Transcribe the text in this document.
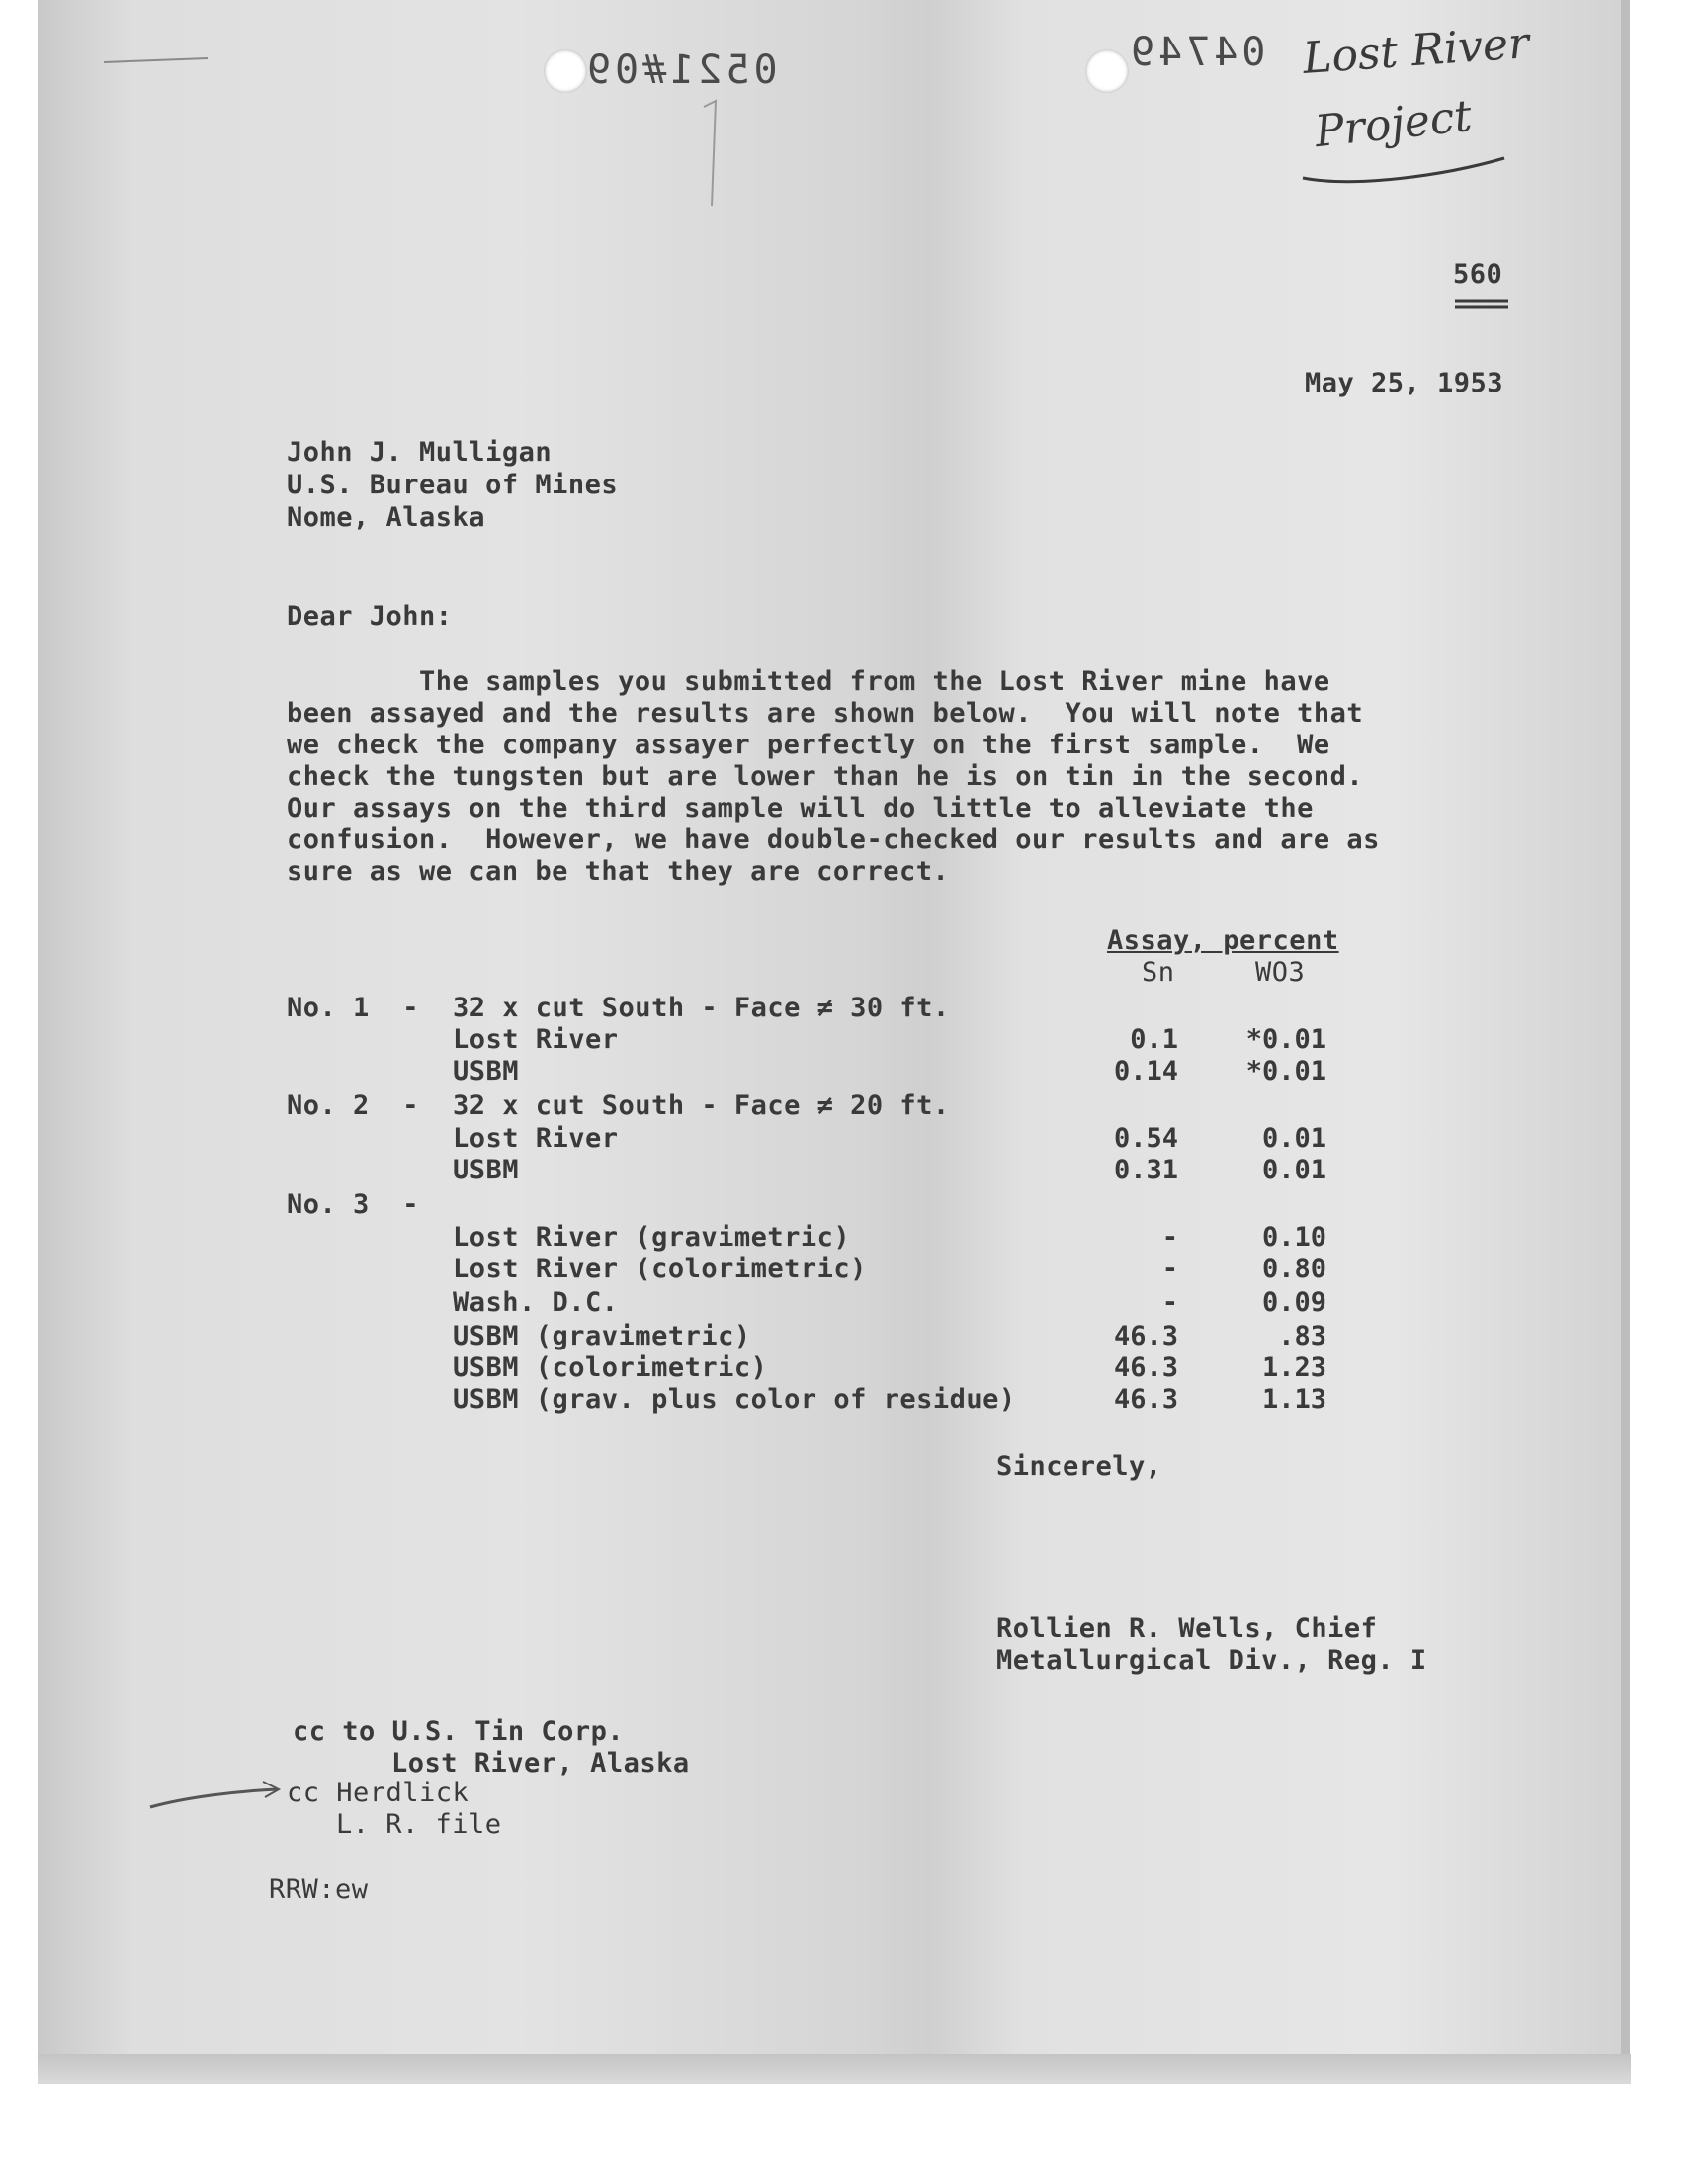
0521#09	04749 Lost River
Project
560
May 25, 1953
John J. Mulligan
U.S. Bureau of Mines
Nome, Alaska
Dear John:
The samples you submitted from the Lost River mine have
been assayed and the results are shown below.  You will note that
we check the company assayer perfectly on the first sample.  We
check the tungsten but are lower than he is on tin in the second.
Our assays on the third sample will do little to alleviate the
confusion.  However, we have double-checked our results and are as
sure as we can be that they are correct.
Assay, percent
Sn	WO3
No. 1  - 32 x cut South - Face ≠ 30 ft.
Lost River	0.1	*0.01
USBM	0.14	*0.01
No. 2  - 32 x cut South - Face ≠ 20 ft.
Lost River	0.54	0.01
USBM	0.31	0.01
No. 3  -
Lost River (gravimetric)	-	0.10
Lost River (colorimetric)	-	0.80
Wash. D.C.	-	0.09
USBM (gravimetric)	46.3	.83
USBM (colorimetric)	46.3	1.23
USBM (grav. plus color of residue)	46.3	1.13
Sincerely,
Rollien R. Wells, Chief
Metallurgical Div., Reg. I
cc to U.S. Tin Corp.
Lost River, Alaska
cc Herdlick
L. R. file
RRW:ew
